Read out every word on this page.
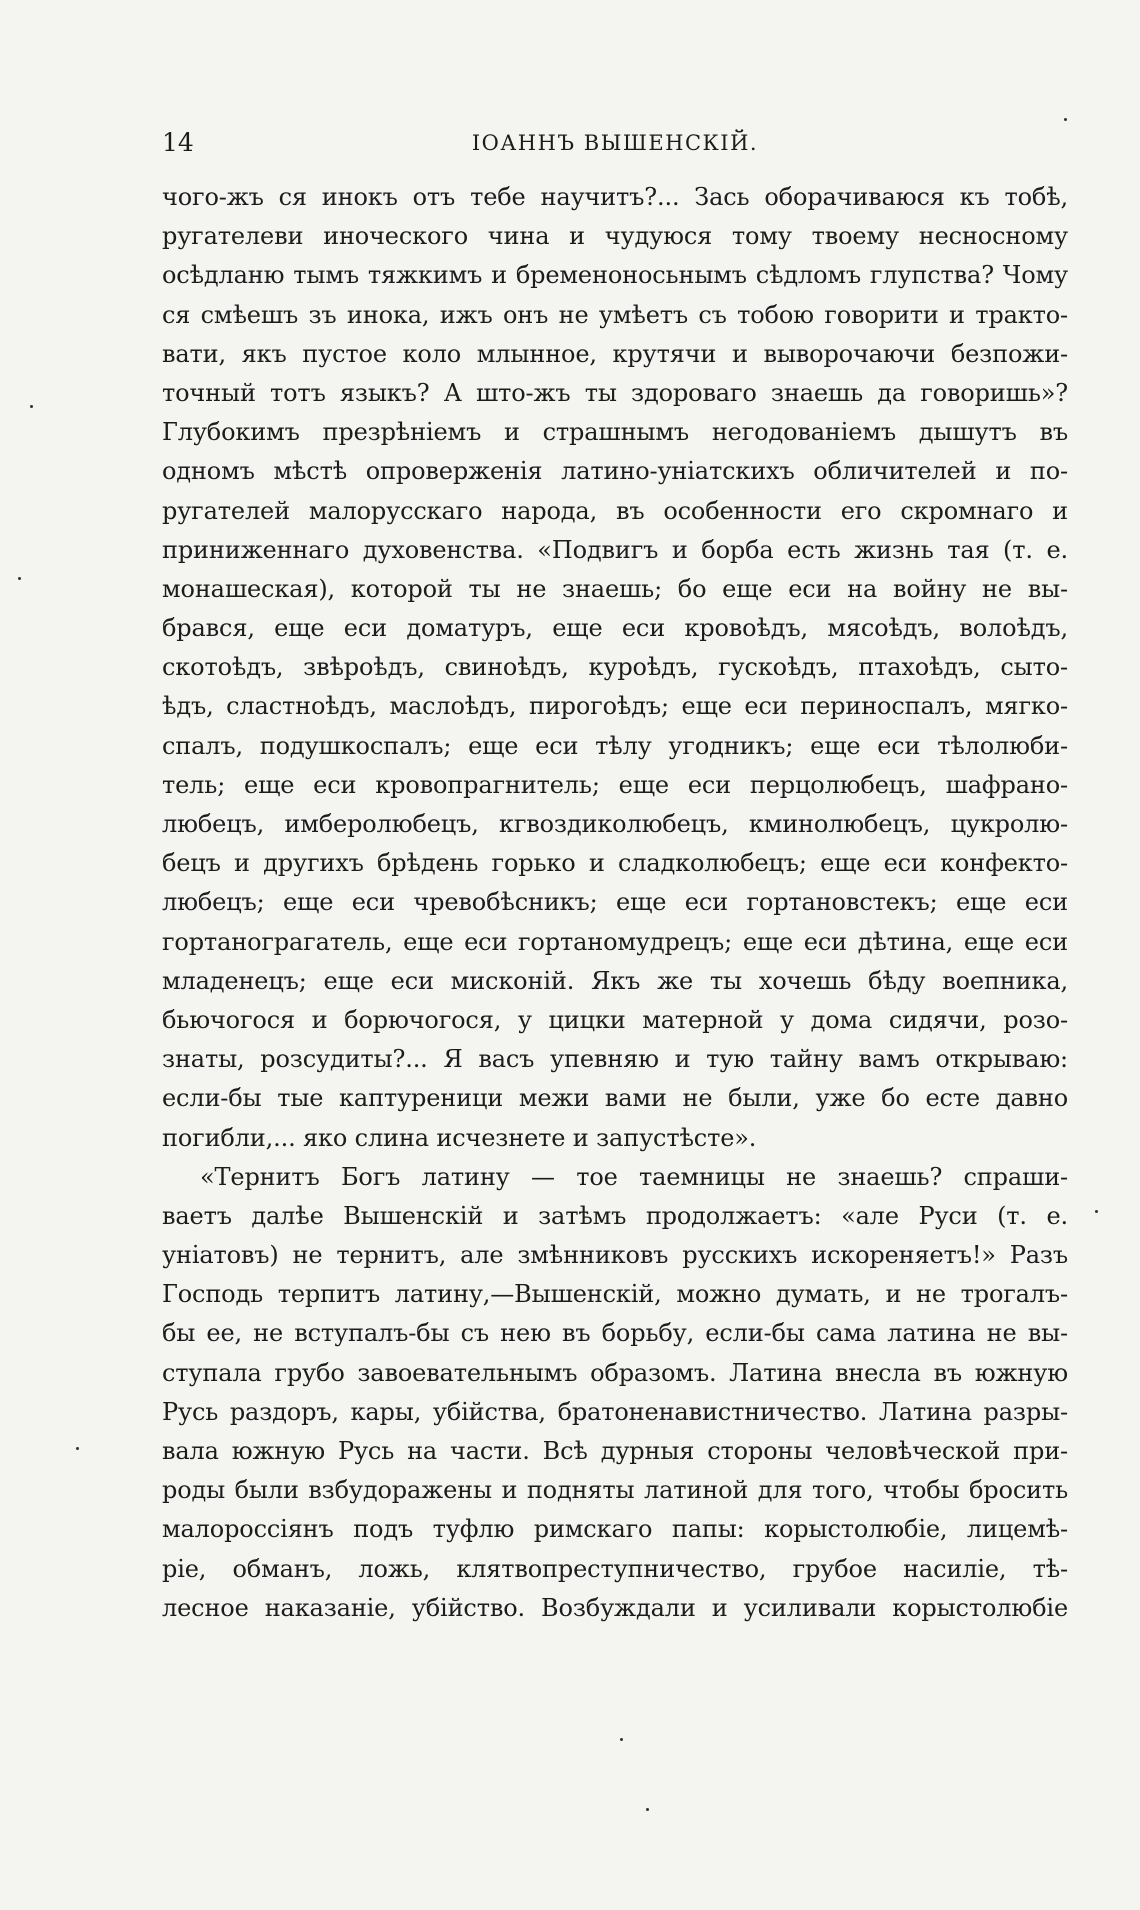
14	ІОАННЪ ВЫШЕНСКІЙ.
чого-жъ ся инокъ отъ тебе научитъ?... Зась оборачиваюся къ тобѣ,
ругателеви иноческого чина и чудуюся тому твоему несносному
осѣдланю тымъ тяжкимъ и бременоносьнымъ сѣдломъ глупства? Чому
ся смѣешъ зъ инока, ижъ онъ не умѣетъ съ тобою говорити и тракто-
вати, якъ пустое коло млынное, крутячи и выворочаючи безпожи-
точный тотъ языкъ? А што-жъ ты здороваго знаешь да говоришь»?
Глубокимъ презрѣніемъ и страшнымъ негодованіемъ дышутъ въ
одномъ мѣстѣ опроверженія латино-уніатскихъ обличителей и по-
ругателей малорусскаго народа, въ особенности его скромнаго и
приниженнаго духовенства. «Подвигъ и борба есть жизнь тая (т. е.
монашеская), которой ты не знаешь; бо еще еси на войну не вы-
брався, еще еси доматуръ, еще еси кровоѣдъ, мясоѣдъ, волоѣдъ,
скотоѣдъ, звѣроѣдъ, свиноѣдъ, куроѣдъ, гускоѣдъ, птахоѣдъ, сыто-
ѣдъ, сластноѣдъ, маслоѣдъ, пирогоѣдъ; еще еси периноспалъ, мягко-
спалъ, подушкоспалъ; еще еси тѣлу угодникъ; еще еси тѣлолюби-
тель; еще еси кровопрагнитель; еще еси перцолюбецъ, шафрано-
любецъ, имберолюбецъ, кгвоздиколюбецъ, кминолюбецъ, цукролю-
бецъ и другихъ брѣдень горько и сладколюбецъ; еще еси конфекто-
любецъ; еще еси чревобѣсникъ; еще еси гортановстекъ; еще еси
гортанограгатель, еще еси гортаномудрецъ; еще еси дѣтина, еще еси
младенецъ; еще еси мисконій. Якъ же ты хочешь бѣду воепника,
бьючогося и борючогося, у цицки матерной у дома сидячи, розо-
знаты, розсудиты?... Я васъ упевняю и тую тайну вамъ открываю:
если-бы тые каптуреници межи вами не были, уже бо есте давно
погибли,... яко слина исчезнете и запустѣсте».
«Тернитъ Богъ латину — тое таемницы не знаешь? спраши-
ваетъ далѣе Вышенскій и затѣмъ продолжаетъ: «але Руси (т. е.
уніатовъ) не тернитъ, але змѣнниковъ русскихъ искореняетъ!» Разъ
Господь терпитъ латину,—Вышенскій, можно думать, и не трогалъ-
бы ее, не вступалъ-бы съ нею въ борьбу, если-бы сама латина не вы-
ступала грубо завоевательнымъ образомъ. Латина внесла въ южную
Русь раздоръ, кары, убійства, братоненавистничество. Латина разры-
вала южную Русь на части. Всѣ дурныя стороны человѣческой при-
роды были взбудоражены и подняты латиной для того, чтобы бросить
малороссіянъ подъ туфлю римскаго папы: корыстолюбіе, лицемѣ-
ріе, обманъ, ложь, клятвопреступничество, грубое насиліе, тѣ-
лесное наказаніе, убійство. Возбуждали и усиливали корыстолюбіе
